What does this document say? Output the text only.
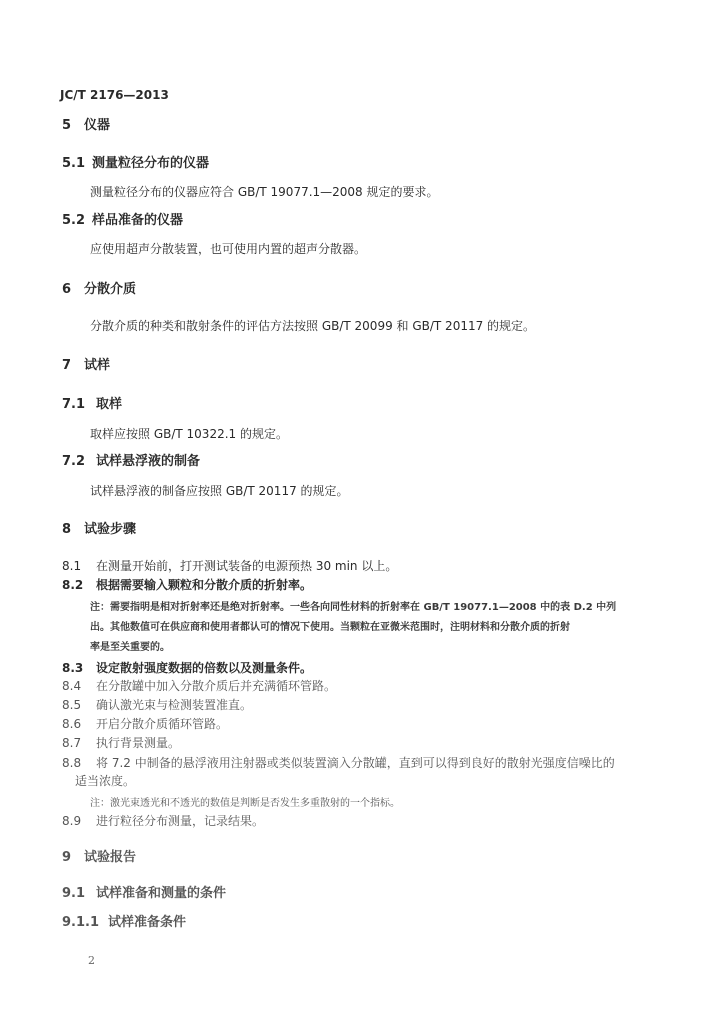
JC/T 2176—2013
5 仪器
5.1 测量粒径分布的仪器
测量粒径分布的仪器应符合 GB/T 19077.1—2008 规定的要求。
5.2 样品准备的仪器
应使用超声分散装置，也可使用内置的超声分散器。
6 分散介质
分散介质的种类和散射条件的评估方法按照 GB/T 20099 和 GB/T 20117 的规定。
7 试样
7.1 取样
取样应按照 GB/T 10322.1 的规定。
7.2 试样悬浮液的制备
试样悬浮液的制备应按照 GB/T 20117 的规定。
8 试验步骤
8.1 在测量开始前，打开测试装备的电源预热 30 min 以上。
8.2 根据需要输入颗粒和分散介质的折射率。
注：需要指明是相对折射率还是绝对折射率。一些各向同性材料的折射率在 GB/T 19077.1—2008 中的表 D.2 中列
出。其他数值可在供应商和使用者都认可的情况下使用。当颗粒在亚微米范围时，注明材料和分散介质的折射
率是至关重要的。
8.3 设定散射强度数据的倍数以及测量条件。
8.4 在分散罐中加入分散介质后并充满循环管路。
8.5 确认激光束与检测装置准直。
8.6 开启分散介质循环管路。
8.7 执行背景测量。
8.8 将 7.2 中制备的悬浮液用注射器或类似装置滴入分散罐，直到可以得到良好的散射光强度信噪比的
适当浓度。
注：激光束透光和不透光的数值是判断是否发生多重散射的一个指标。
8.9 进行粒径分布测量，记录结果。
9 试验报告
9.1 试样准备和测量的条件
9.1.1 试样准备条件
2
